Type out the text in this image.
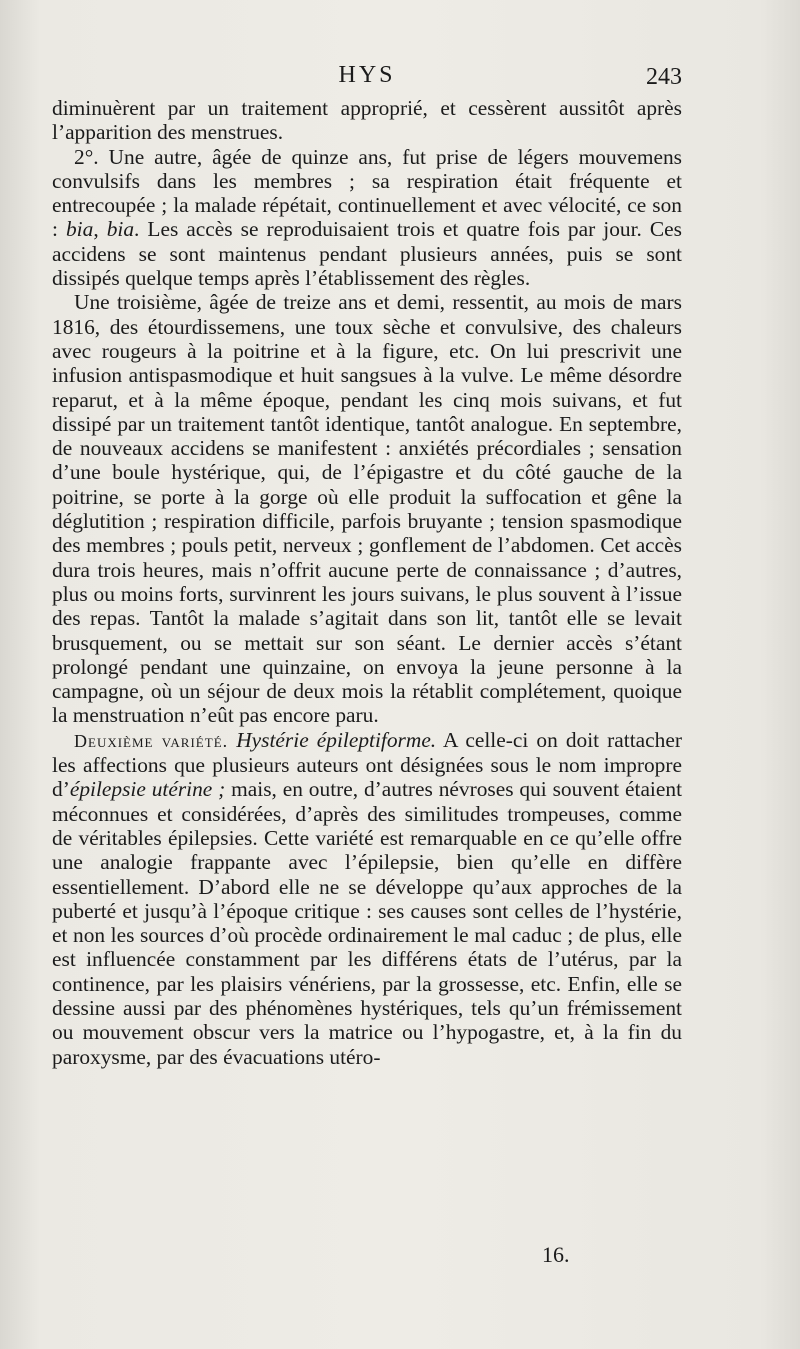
HYS	243

diminuèrent par un traitement approprié, et cessèrent aussitôt après l’apparition des menstrues.

2°. Une autre, âgée de quinze ans, fut prise de légers mouvemens convulsifs dans les membres ; sa respiration était fréquente et entrecoupée ; la malade répétait, continuellement et avec vélocité, ce son : bia, bia. Les accès se reproduisaient trois et quatre fois par jour. Ces accidens se sont maintenus pendant plusieurs années, puis se sont dissipés quelque temps après l’établissement des règles.

Une troisième, âgée de treize ans et demi, ressentit, au mois de mars 1816, des étourdissemens, une toux sèche et convulsive, des chaleurs avec rougeurs à la poitrine et à la figure, etc. On lui prescrivit une infusion antispasmodique et huit sangsues à la vulve. Le même désordre reparut, et à la même époque, pendant les cinq mois suivans, et fut dissipé par un traitement tantôt identique, tantôt analogue. En septembre, de nouveaux accidens se manifestent : anxiétés précordiales ; sensation d’une boule hystérique, qui, de l’épigastre et du côté gauche de la poitrine, se porte à la gorge où elle produit la suffocation et gêne la déglutition ; respiration difficile, parfois bruyante ; tension spasmodique des membres ; pouls petit, nerveux ; gonflement de l’abdomen. Cet accès dura trois heures, mais n’offrit aucune perte de connaissance ; d’autres, plus ou moins forts, survinrent les jours suivans, le plus souvent à l’issue des repas. Tantôt la malade s’agitait dans son lit, tantôt elle se levait brusquement, ou se mettait sur son séant. Le dernier accès s’étant prolongé pendant une quinzaine, on envoya la jeune personne à la campagne, où un séjour de deux mois la rétablit complétement, quoique la menstruation n’eût pas encore paru.

Deuxième variété. Hystérie épileptiforme. A celle-ci on doit rattacher les affections que plusieurs auteurs ont désignées sous le nom impropre d’épilepsie utérine ; mais, en outre, d’autres névroses qui souvent étaient méconnues et considérées, d’après des similitudes trompeuses, comme de véritables épilepsies. Cette variété est remarquable en ce qu’elle offre une analogie frappante avec l’épilepsie, bien qu’elle en diffère essentiellement. D’abord elle ne se développe qu’aux approches de la puberté et jusqu’à l’époque critique : ses causes sont celles de l’hystérie, et non les sources d’où procède ordinairement le mal caduc ; de plus, elle est influencée constamment par les différens états de l’utérus, par la continence, par les plaisirs vénériens, par la grossesse, etc. Enfin, elle se dessine aussi par des phénomènes hystériques, tels qu’un frémissement ou mouvement obscur vers la matrice ou l’hypogastre, et, à la fin du paroxysme, par des évacuations utéro-

16.
